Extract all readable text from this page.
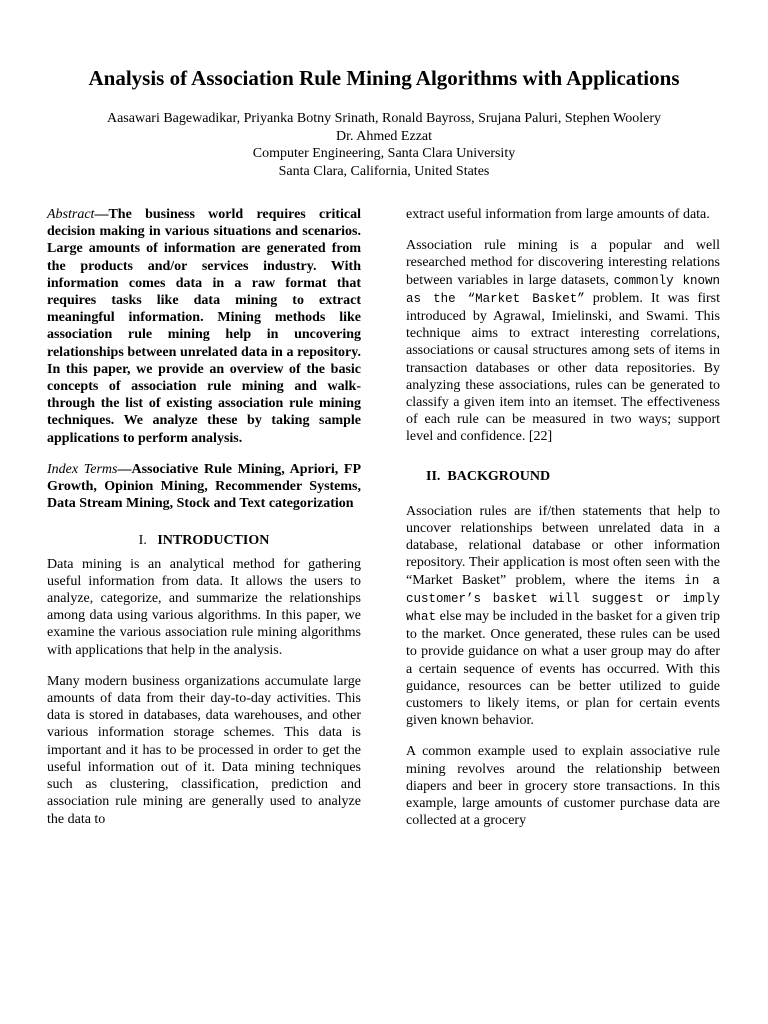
Analysis of Association Rule Mining Algorithms with Applications
Aasawari Bagewadikar, Priyanka Botny Srinath, Ronald Bayross, Srujana Paluri, Stephen Woolery
Dr. Ahmed Ezzat
Computer Engineering, Santa Clara University
Santa Clara, California, United States

Abstract—The business world requires critical decision making in various situations and scenarios. Large amounts of information are generated from the products and/or services industry. With information comes data in a raw format that requires tasks like data mining to extract meaningful information. Mining methods like association rule mining help in uncovering relationships between unrelated data in a repository. In this paper, we provide an overview of the basic concepts of association rule mining and walk-through the list of existing association rule mining techniques. We analyze these by taking sample applications to perform analysis.

Index Terms—Associative Rule Mining, Apriori, FP Growth, Opinion Mining, Recommender Systems, Data Stream Mining, Stock and Text categorization

I. INTRODUCTION

Data mining is an analytical method for gathering useful information from data. It allows the users to analyze, categorize, and summarize the relationships among data using various algorithms. In this paper, we examine the various association rule mining algorithms with applications that help in the analysis.

Many modern business organizations accumulate large amounts of data from their day-to-day activities. This data is stored in databases, data warehouses, and other various information storage schemes. This data is important and it has to be processed in order to get the useful information out of it. Data mining techniques such as clustering, classification, prediction and association rule mining are generally used to analyze the data to

extract useful information from large amounts of data.

Association rule mining is a popular and well researched method for discovering interesting relations between variables in large datasets, commonly known as the “Market Basket” problem. It was first introduced by Agrawal, Imielinski, and Swami. This technique aims to extract interesting correlations, associations or causal structures among sets of items in transaction databases or other data repositories. By analyzing these associations, rules can be generated to classify a given item into an itemset. The effectiveness of each rule can be measured in two ways; support level and confidence. [22]

II. BACKGROUND

Association rules are if/then statements that help to uncover relationships between unrelated data in a database, relational database or other information repository. Their application is most often seen with the “Market Basket” problem, where the items in a customer’s basket will suggest or imply what else may be included in the basket for a given trip to the market. Once generated, these rules can be used to provide guidance on what a user group may do after a certain sequence of events has occurred. With this guidance, resources can be better utilized to guide customers to likely items, or plan for certain events given known behavior.

A common example used to explain associative rule mining revolves around the relationship between diapers and beer in grocery store transactions. In this example, large amounts of customer purchase data are collected at a grocery
